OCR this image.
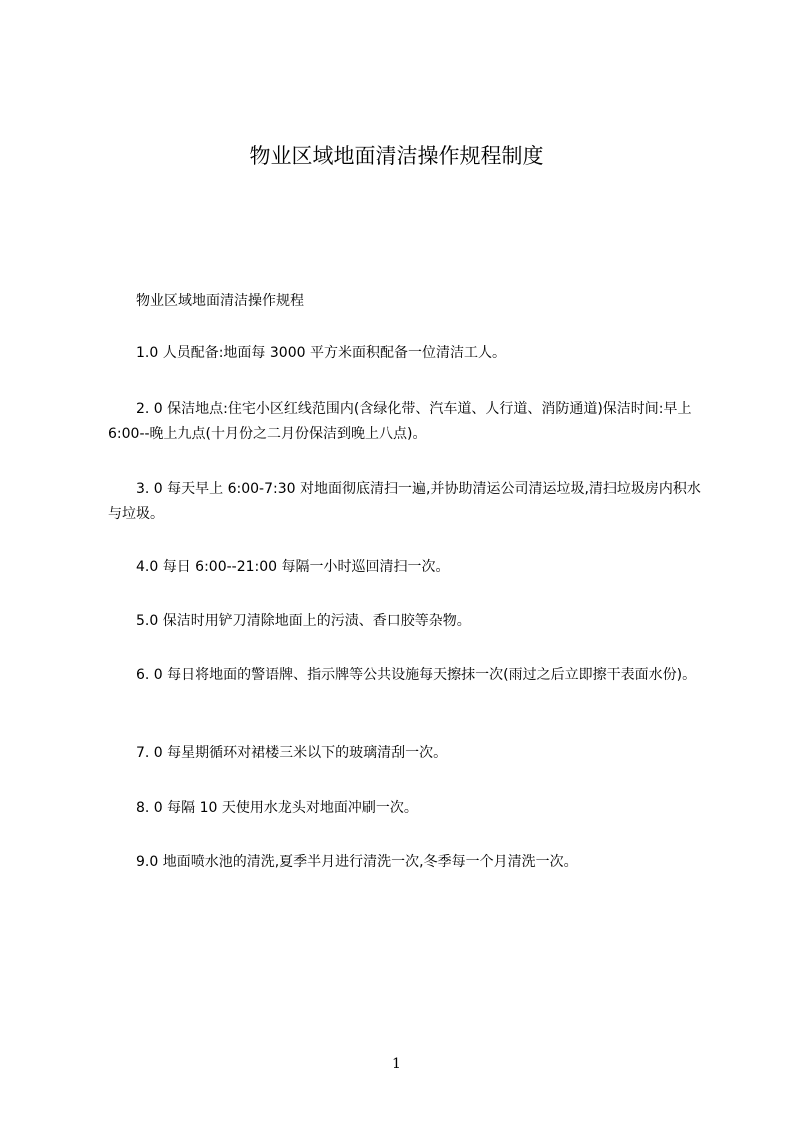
物业区域地面清洁操作规程制度

物业区域地面清洁操作规程

1.0 人员配备:地面每 3000 平方米面积配备一位清洁工人。

2. 0 保洁地点:住宅小区红线范围内(含绿化带、汽车道、人行道、消防通道)保洁时间:早上 6:00--晚上九点(十月份之二月份保洁到晚上八点)。

3. 0 每天早上 6:00-7:30 对地面彻底清扫一遍,并协助清运公司清运垃圾,清扫垃圾房内积水与垃圾。

4.0 每日 6:00--21:00 每隔一小时巡回清扫一次。

5.0 保洁时用铲刀清除地面上的污渍、香口胶等杂物。

6. 0 每日将地面的警语牌、指示牌等公共设施每天擦抹一次(雨过之后立即擦干表面水份)。

7. 0 每星期循环对裙楼三米以下的玻璃清刮一次。

8. 0 每隔 10 天使用水龙头对地面冲刷一次。

9.0 地面喷水池的清洗,夏季半月进行清洗一次,冬季每一个月清洗一次。

1
